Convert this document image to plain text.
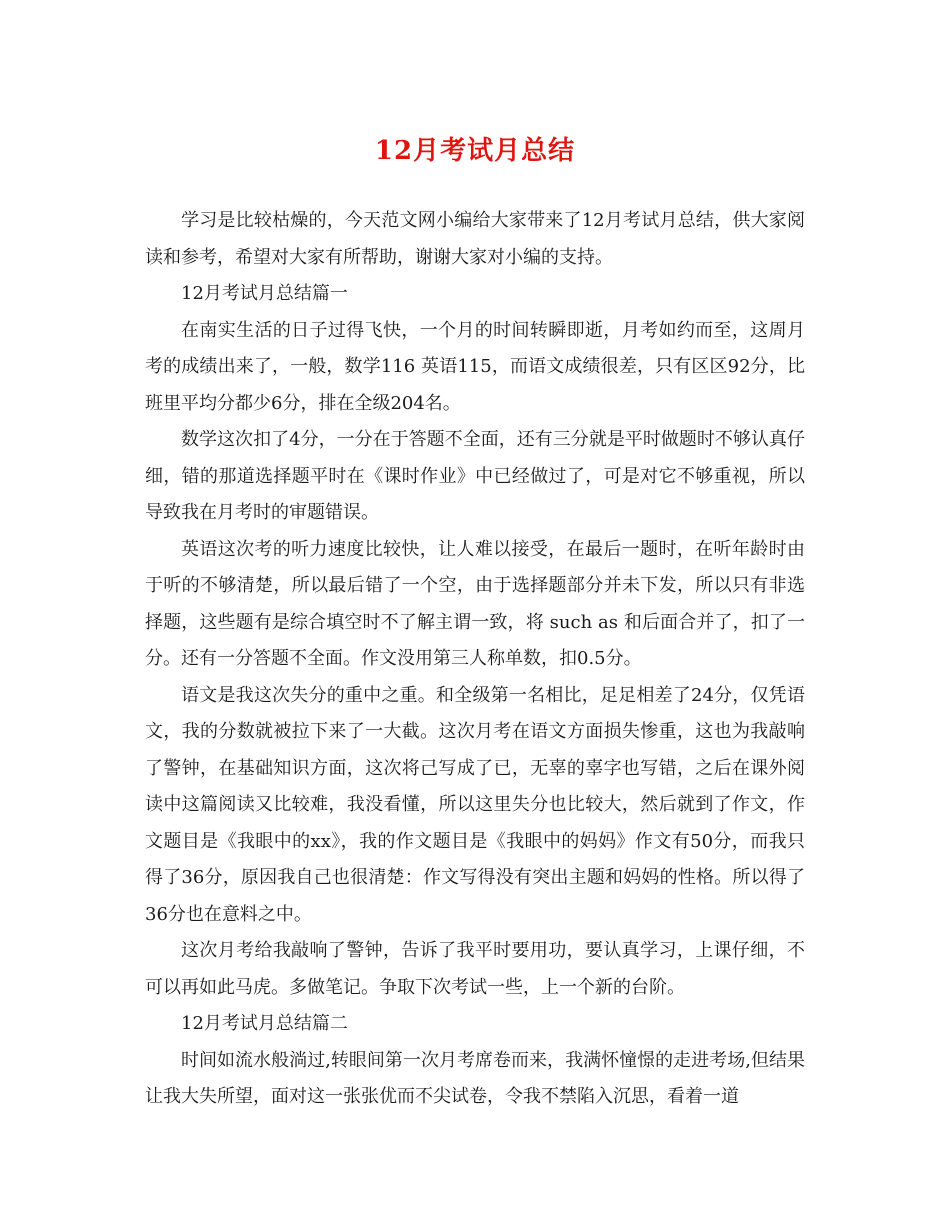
12月考试月总结

学习是比较枯燥的，今天范文网小编给大家带来了12月考试月总结，供大家阅读和参考，希望对大家有所帮助，谢谢大家对小编的支持。

12月考试月总结篇一

在南实生活的日子过得飞快，一个月的时间转瞬即逝，月考如约而至，这周月考的成绩出来了，一般，数学116 英语115，而语文成绩很差，只有区区92分，比班里平均分都少6分，排在全级204名。

数学这次扣了4分，一分在于答题不全面，还有三分就是平时做题时不够认真仔细，错的那道选择题平时在《课时作业》中已经做过了，可是对它不够重视，所以导致我在月考时的审题错误。

英语这次考的听力速度比较快，让人难以接受，在最后一题时，在听年龄时由于听的不够清楚，所以最后错了一个空，由于选择题部分并未下发，所以只有非选择题，这些题有是综合填空时不了解主谓一致，将 such as 和后面合并了，扣了一分。还有一分答题不全面。作文没用第三人称单数，扣0.5分。

语文是我这次失分的重中之重。和全级第一名相比，足足相差了24分，仅凭语文，我的分数就被拉下来了一大截。这次月考在语文方面损失惨重，这也为我敲响了警钟，在基础知识方面，这次将己写成了已，无辜的辜字也写错，之后在课外阅读中这篇阅读又比较难，我没看懂，所以这里失分也比较大，然后就到了作文，作文题目是《我眼中的xx》，我的作文题目是《我眼中的妈妈》作文有50分，而我只得了36分，原因我自己也很清楚：作文写得没有突出主题和妈妈的性格。所以得了36分也在意料之中。

这次月考给我敲响了警钟，告诉了我平时要用功，要认真学习，上课仔细，不可以再如此马虎。多做笔记。争取下次考试一些，上一个新的台阶。

12月考试月总结篇二

时间如流水般淌过,转眼间第一次月考席卷而来，我满怀憧憬的走进考场,但结果让我大失所望，面对这一张张优而不尖试卷，令我不禁陷入沉思，看着一道
